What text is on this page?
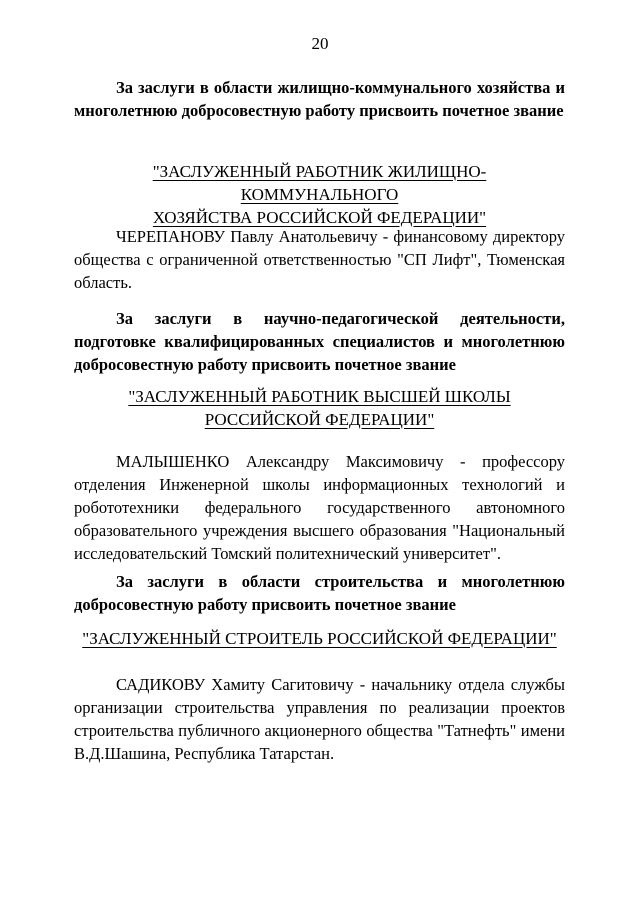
20
За заслуги в области жилищно-коммунального хозяйства и многолетнюю добросовестную работу присвоить почетное звание
"ЗАСЛУЖЕННЫЙ РАБОТНИК ЖИЛИЩНО-КОММУНАЛЬНОГО
ХОЗЯЙСТВА РОССИЙСКОЙ ФЕДЕРАЦИИ"
ЧЕРЕПАНОВУ Павлу Анатольевичу - финансовому директору общества с ограниченной ответственностью "СП Лифт", Тюменская область.
За заслуги в научно-педагогической деятельности, подготовке квалифицированных специалистов и многолетнюю добросовестную работу присвоить почетное звание
"ЗАСЛУЖЕННЫЙ РАБОТНИК ВЫСШЕЙ ШКОЛЫ
РОССИЙСКОЙ ФЕДЕРАЦИИ"
МАЛЫШЕНКО Александру Максимовичу - профессору отделения Инженерной школы информационных технологий и робототехники федерального государственного автономного образовательного учреждения высшего образования "Национальный исследовательский Томский политехнический университет".
За заслуги в области строительства и многолетнюю добросовестную работу присвоить почетное звание
"ЗАСЛУЖЕННЫЙ СТРОИТЕЛЬ РОССИЙСКОЙ ФЕДЕРАЦИИ"
САДИКОВУ Хамиту Сагитовичу - начальнику отдела службы организации строительства управления по реализации проектов строительства публичного акционерного общества "Татнефть" имени В.Д.Шашина, Республика Татарстан.
